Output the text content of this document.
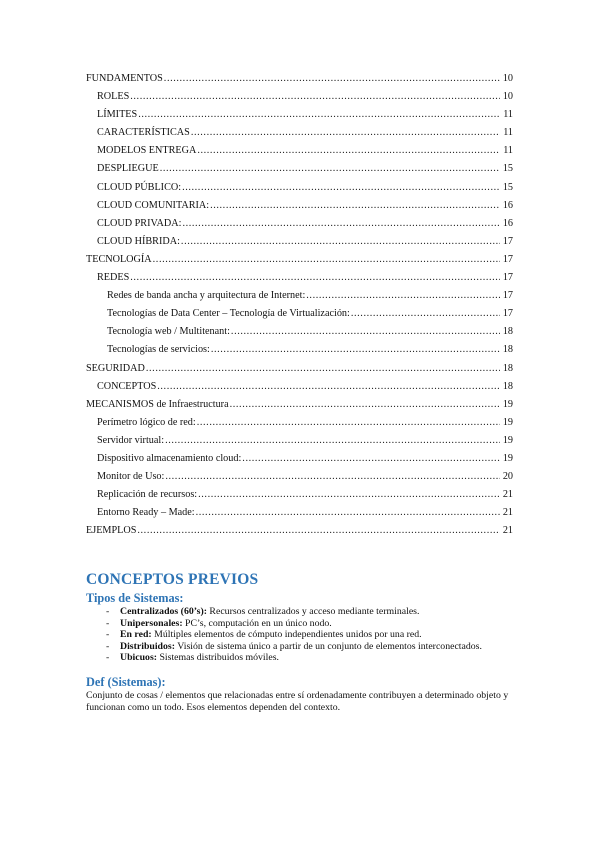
FUNDAMENTOS .....	10
ROLES .....	10
LÍMITES .....	11
CARACTERÍSTICAS .....	11
MODELOS ENTREGA .....	11
DESPLIEGUE .....	15
CLOUD PÚBLICO: .....	15
CLOUD COMUNITARIA: .....	16
CLOUD PRIVADA: .....	16
CLOUD HÍBRIDA: .....	17
TECNOLOGÍA .....	17
REDES .....	17
Redes de banda ancha y arquitectura de Internet: .....	17
Tecnologías de Data Center – Tecnología de Virtualización: .....	17
Tecnología web / Multitenant: .....	18
Tecnologías de servicios: .....	18
SEGURIDAD .....	18
CONCEPTOS .....	18
MECANISMOS de Infraestructura .....	19
Perímetro lógico de red: .....	19
Servidor virtual: .....	19
Dispositivo almacenamiento cloud: .....	19
Monitor de Uso: .....	20
Replicación de recursos: .....	21
Entorno Ready – Made: .....	21
EJEMPLOS .....	21
CONCEPTOS PREVIOS
Tipos de Sistemas:
- Centralizados (60’s): Recursos centralizados y acceso mediante terminales.
- Unipersonales: PC’s, computación en un único nodo.
- En red: Múltiples elementos de cómputo independientes unidos por una red.
- Distribuidos: Visión de sistema único a partir de un conjunto de elementos interconectados.
- Ubicuos: Sistemas distribuidos móviles.
Def (Sistemas):

Conjunto de cosas / elementos que relacionadas entre sí ordenadamente contribuyen a determinado objeto y funcionan como un todo. Esos elementos dependen del contexto.
